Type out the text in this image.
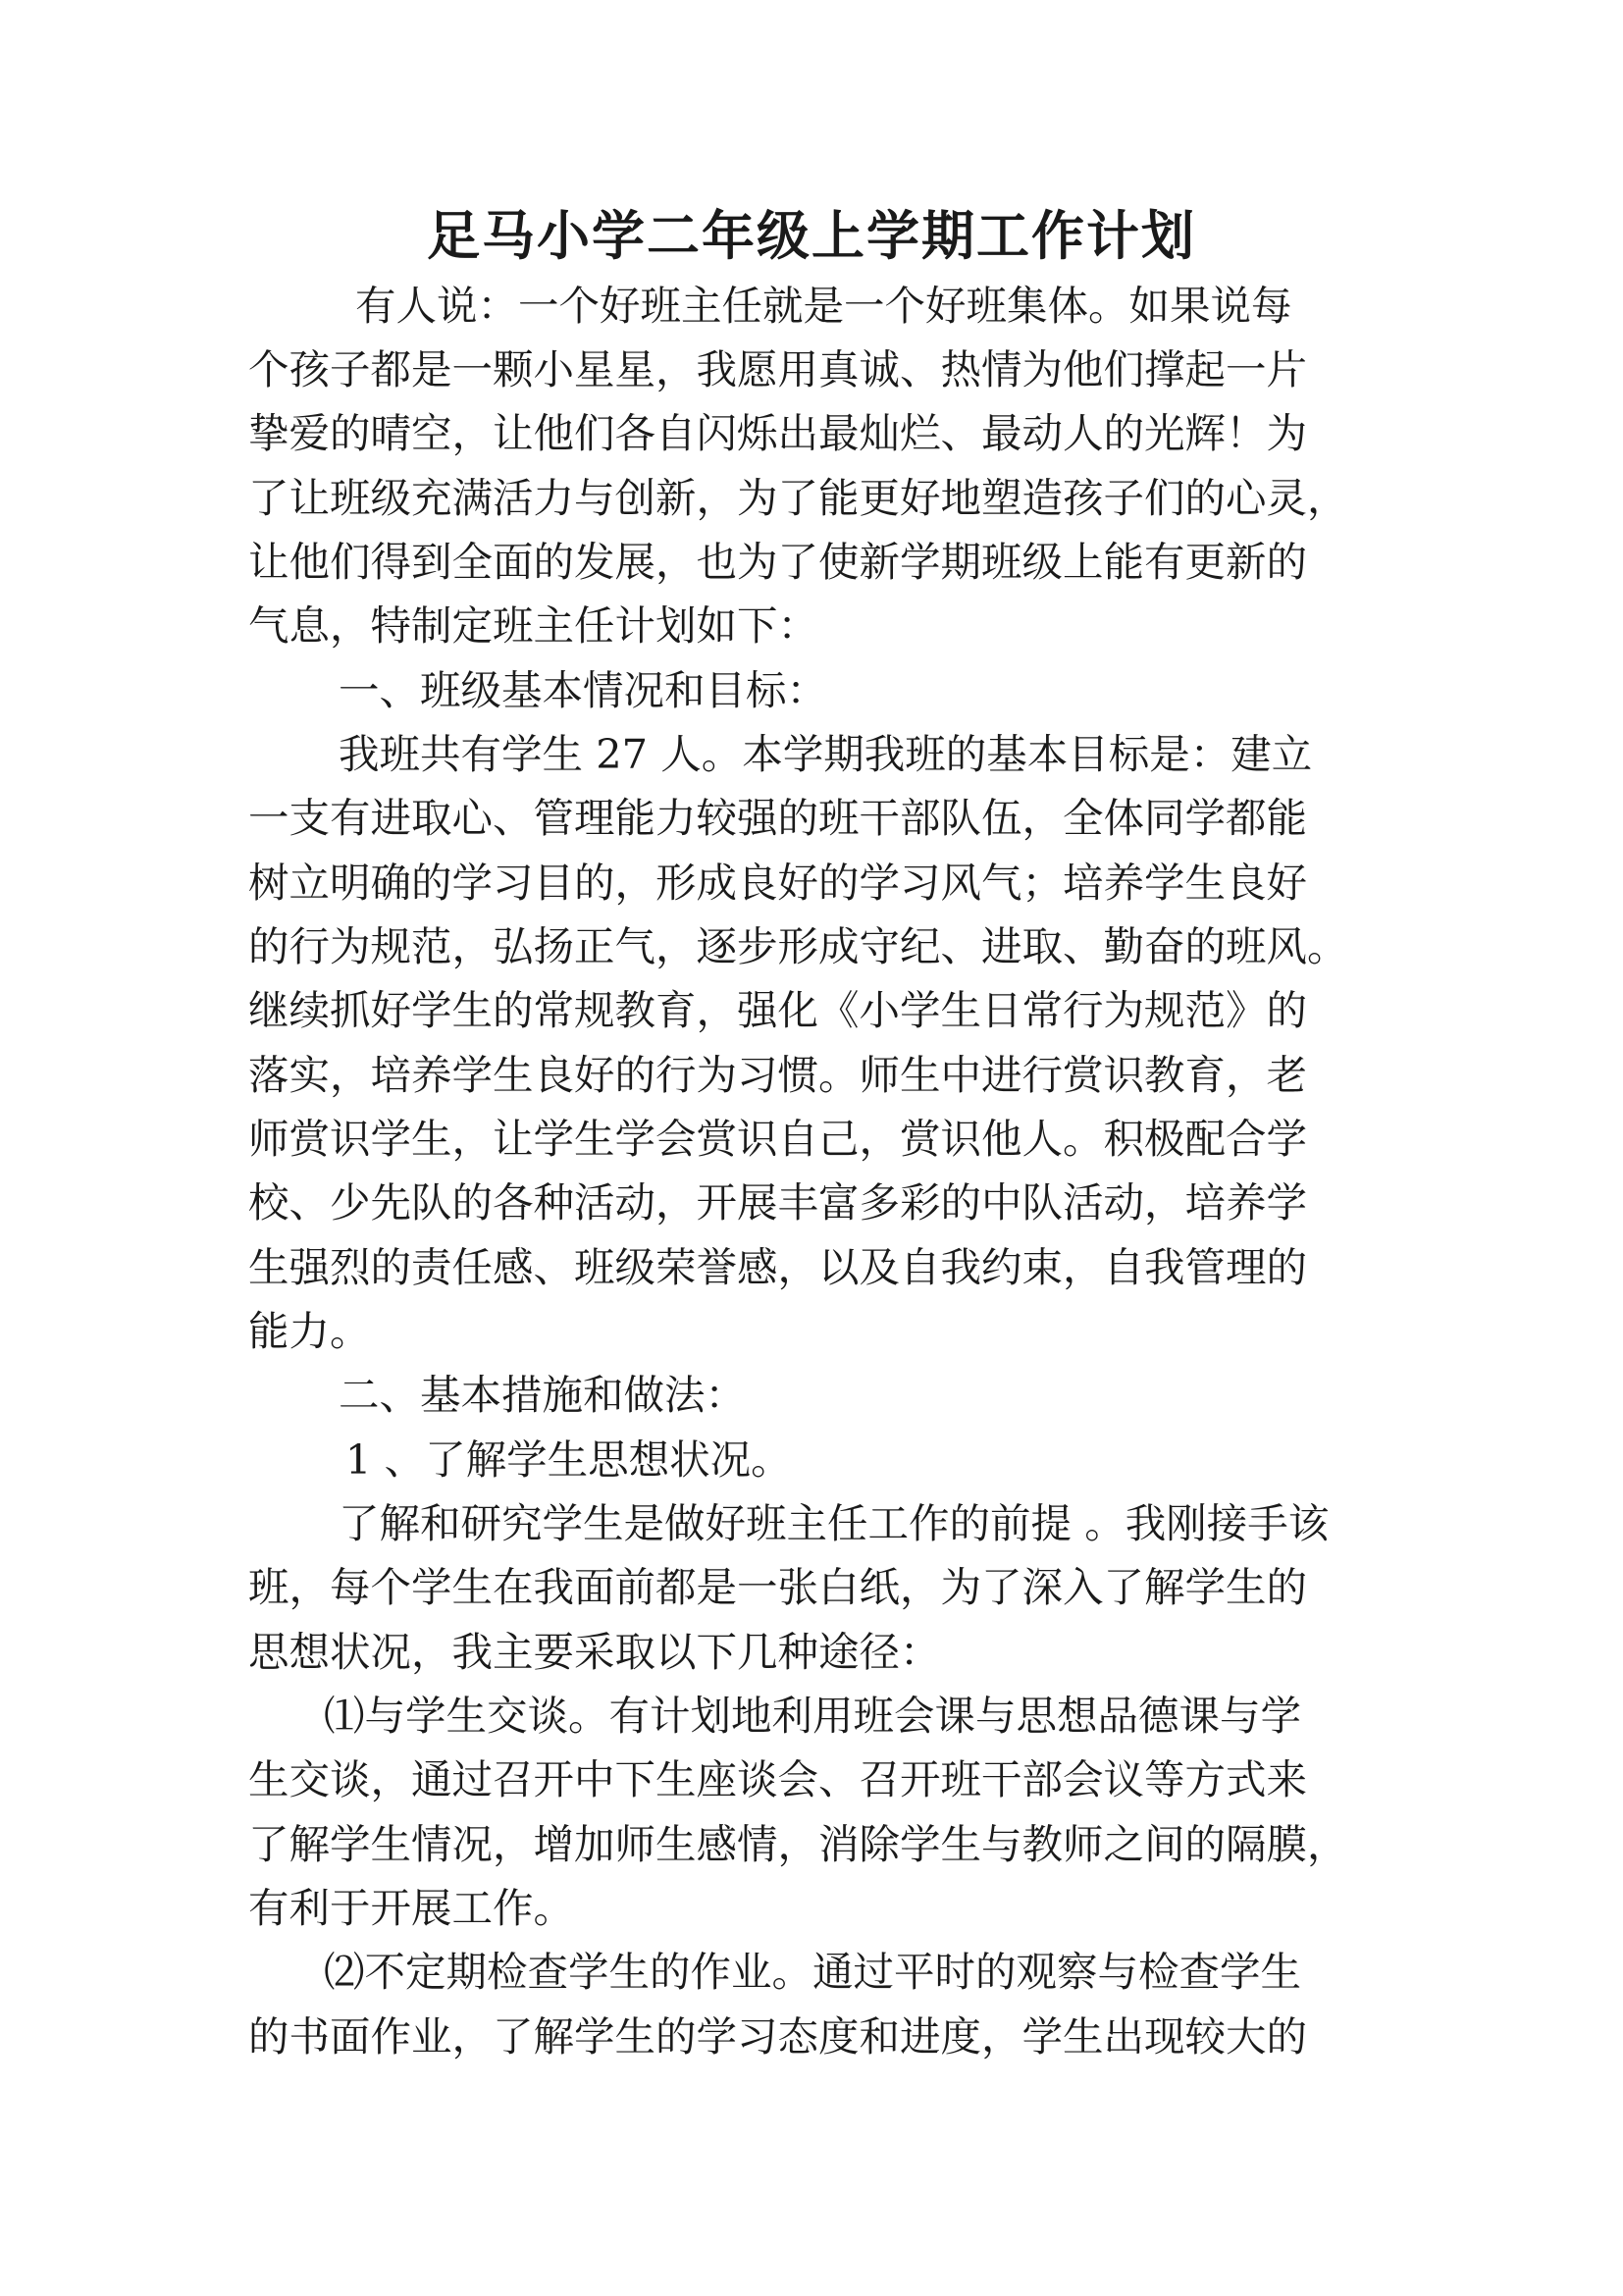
足马小学二年级上学期工作计划
有人说：一个好班主任就是一个好班集体。如果说每
个孩子都是一颗小星星，我愿用真诚、热情为他们撑起一片
挚爱的晴空，让他们各自闪烁出最灿烂、最动人的光辉！为
了让班级充满活力与创新，为了能更好地塑造孩子们的心灵，
让他们得到全面的发展，也为了使新学期班级上能有更新的
气息，特制定班主任计划如下：
一、班级基本情况和目标：
我班共有学生 27 人。本学期我班的基本目标是：建立
一支有进取心、管理能力较强的班干部队伍，全体同学都能
树立明确的学习目的，形成良好的学习风气；培养学生良好
的行为规范，弘扬正气，逐步形成守纪、进取、勤奋的班风。
继续抓好学生的常规教育，强化《小学生日常行为规范》的
落实，培养学生良好的行为习惯。师生中进行赏识教育，老
师赏识学生，让学生学会赏识自己，赏识他人。积极配合学
校、少先队的各种活动，开展丰富多彩的中队活动，培养学
生强烈的责任感、班级荣誉感，以及自我约束，自我管理的
能力。
二、基本措施和做法：
1 、了解学生思想状况。
了解和研究学生是做好班主任工作的前提 。我刚接手该
班，每个学生在我面前都是一张白纸，为了深入了解学生的
思想状况，我主要采取以下几种途径：
⑴与学生交谈。有计划地利用班会课与思想品德课与学
生交谈，通过召开中下生座谈会、召开班干部会议等方式来
了解学生情况，增加师生感情，消除学生与教师之间的隔膜，
有利于开展工作。
⑵不定期检查学生的作业。通过平时的观察与检查学生
的书面作业，了解学生的学习态度和进度，学生出现较大的
